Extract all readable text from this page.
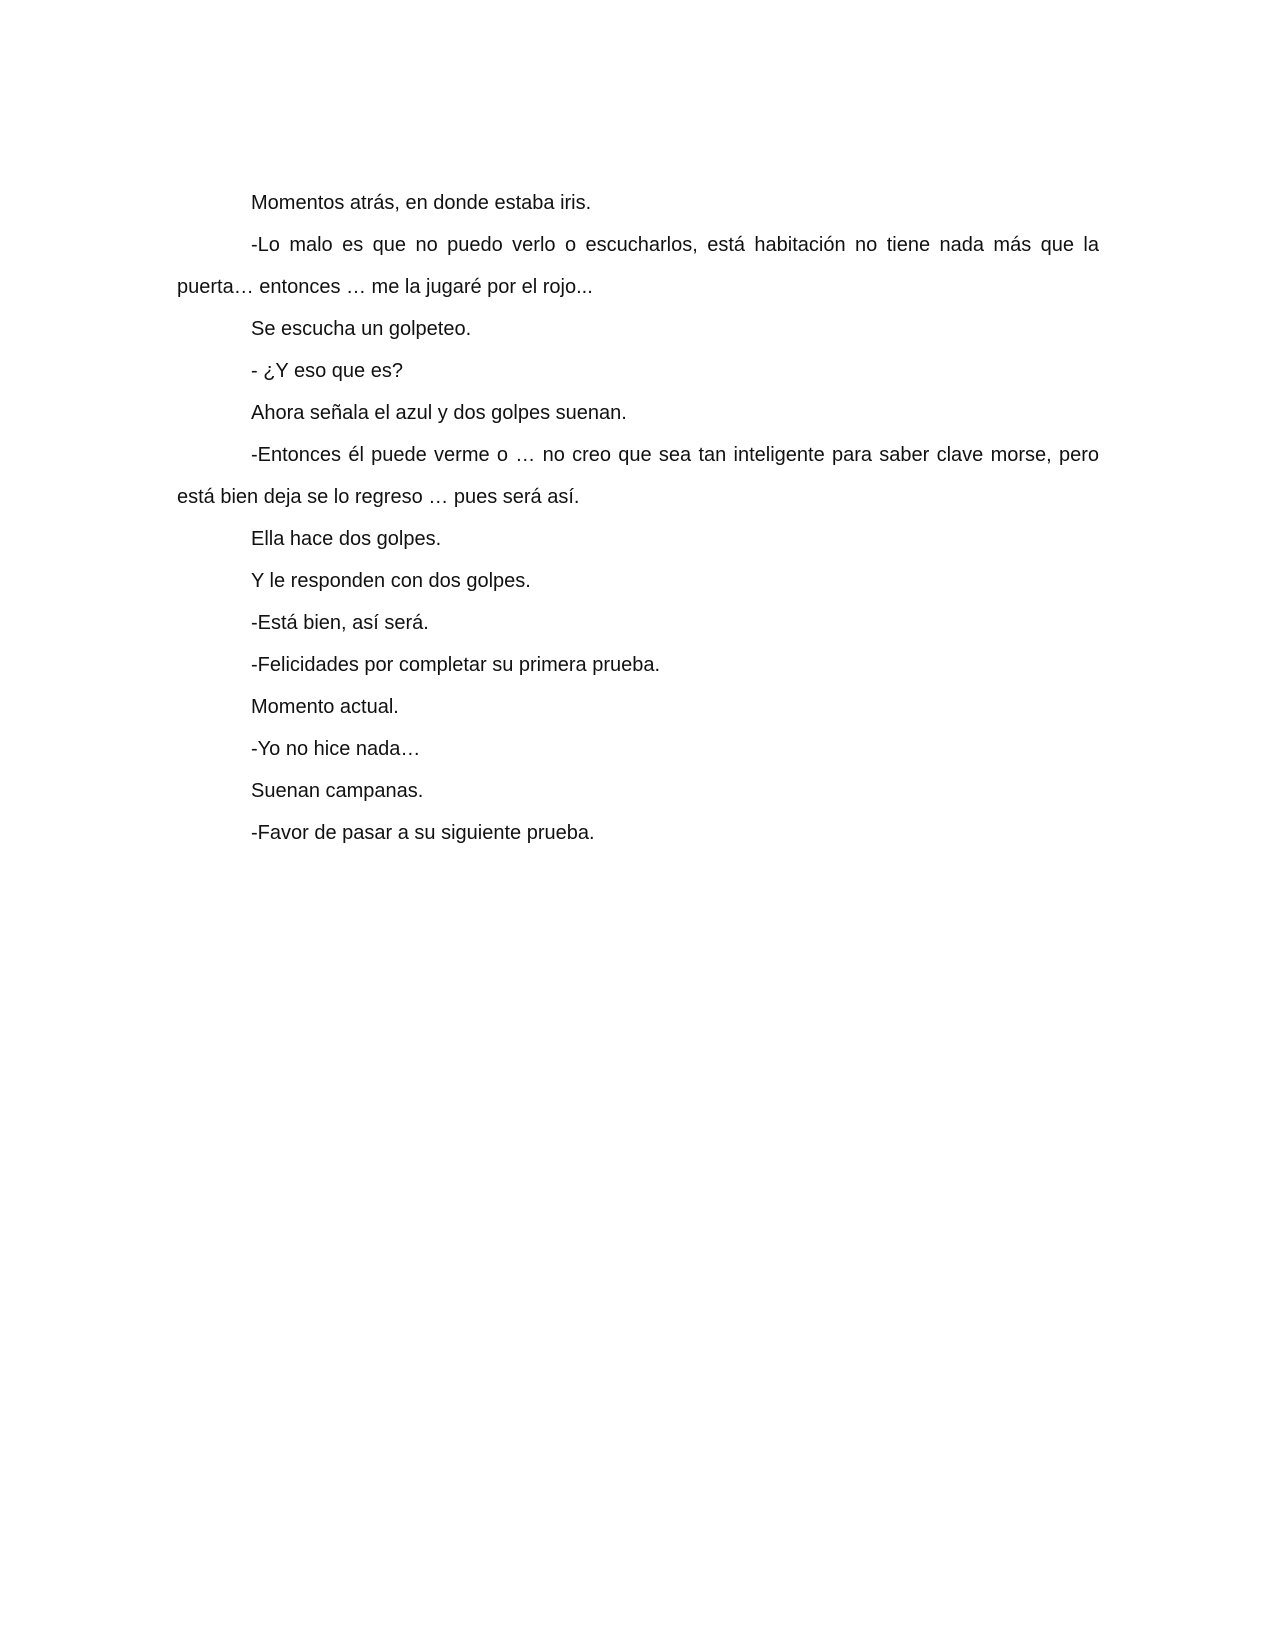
Momentos atrás, en donde estaba iris.

-Lo malo es que no puedo verlo o escucharlos, está habitación no tiene nada más que la puerta… entonces … me la jugaré por el rojo...

Se escucha un golpeteo.

- ¿Y eso que es?

Ahora señala el azul y dos golpes suenan.

-Entonces él puede verme o … no creo que sea tan inteligente para saber clave morse, pero está bien deja se lo regreso … pues será así.

Ella hace dos golpes.

Y le responden con dos golpes.

-Está bien, así será.

-Felicidades por completar su primera prueba.

Momento actual.

-Yo no hice nada…

Suenan campanas.

-Favor de pasar a su siguiente prueba.
